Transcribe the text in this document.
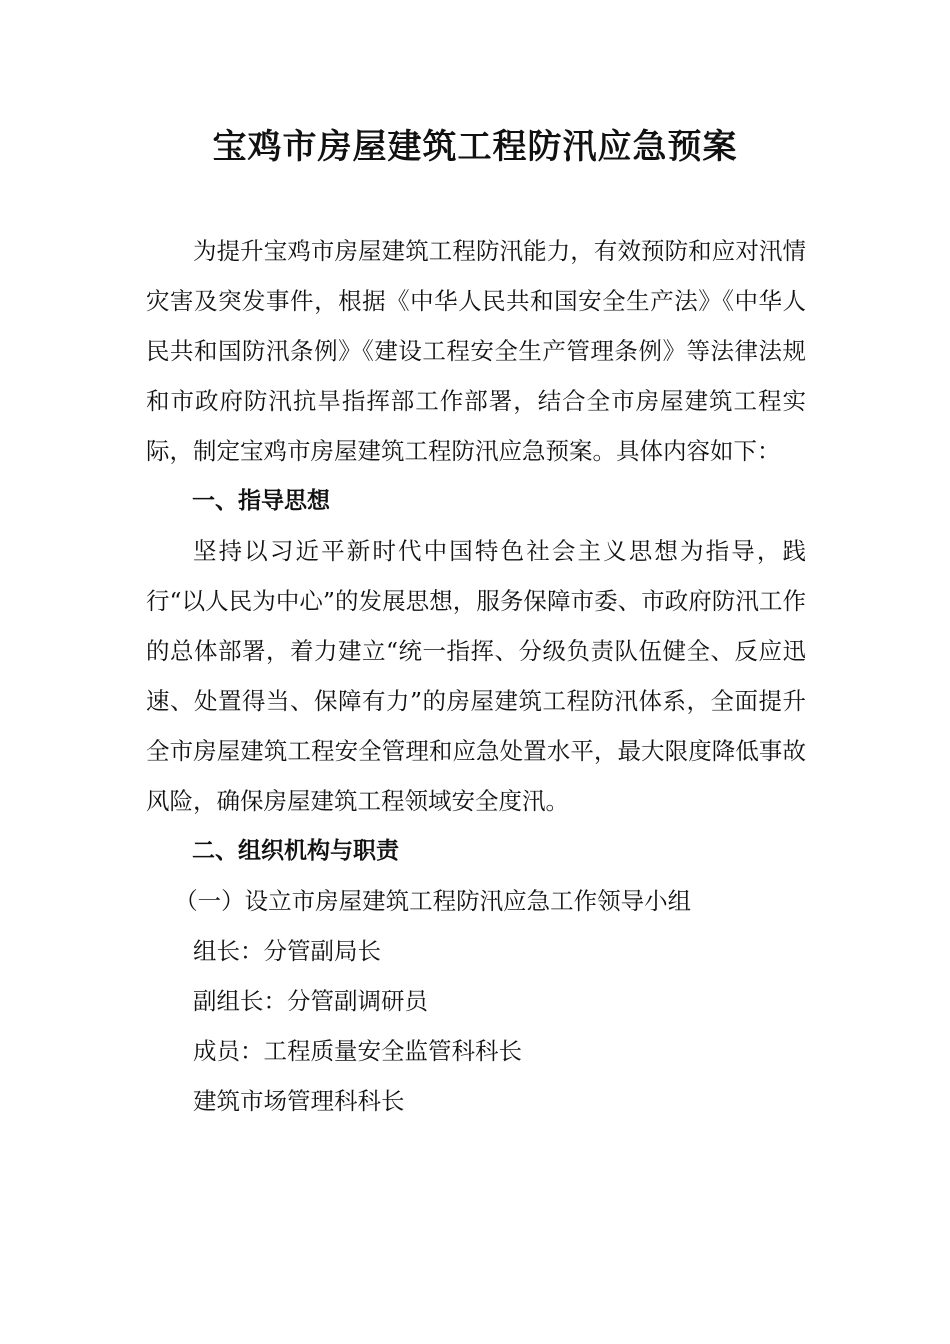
宝鸡市房屋建筑工程防汛应急预案

为提升宝鸡市房屋建筑工程防汛能力，有效预防和应对汛情灾害及突发事件，根据《中华人民共和国安全生产法》《中华人民共和国防汛条例》《建设工程安全生产管理条例》等法律法规和市政府防汛抗旱指挥部工作部署，结合全市房屋建筑工程实际，制定宝鸡市房屋建筑工程防汛应急预案。具体内容如下：

一、指导思想

坚持以习近平新时代中国特色社会主义思想为指导，践行“以人民为中心”的发展思想，服务保障市委、市政府防汛工作的总体部署，着力建立“统一指挥、分级负责队伍健全、反应迅速、处置得当、保障有力”的房屋建筑工程防汛体系，全面提升全市房屋建筑工程安全管理和应急处置水平，最大限度降低事故风险，确保房屋建筑工程领域安全度汛。

二、组织机构与职责

（一）设立市房屋建筑工程防汛应急工作领导小组

组长：分管副局长

副组长：分管副调研员

成员：工程质量安全监管科科长

建筑市场管理科科长
